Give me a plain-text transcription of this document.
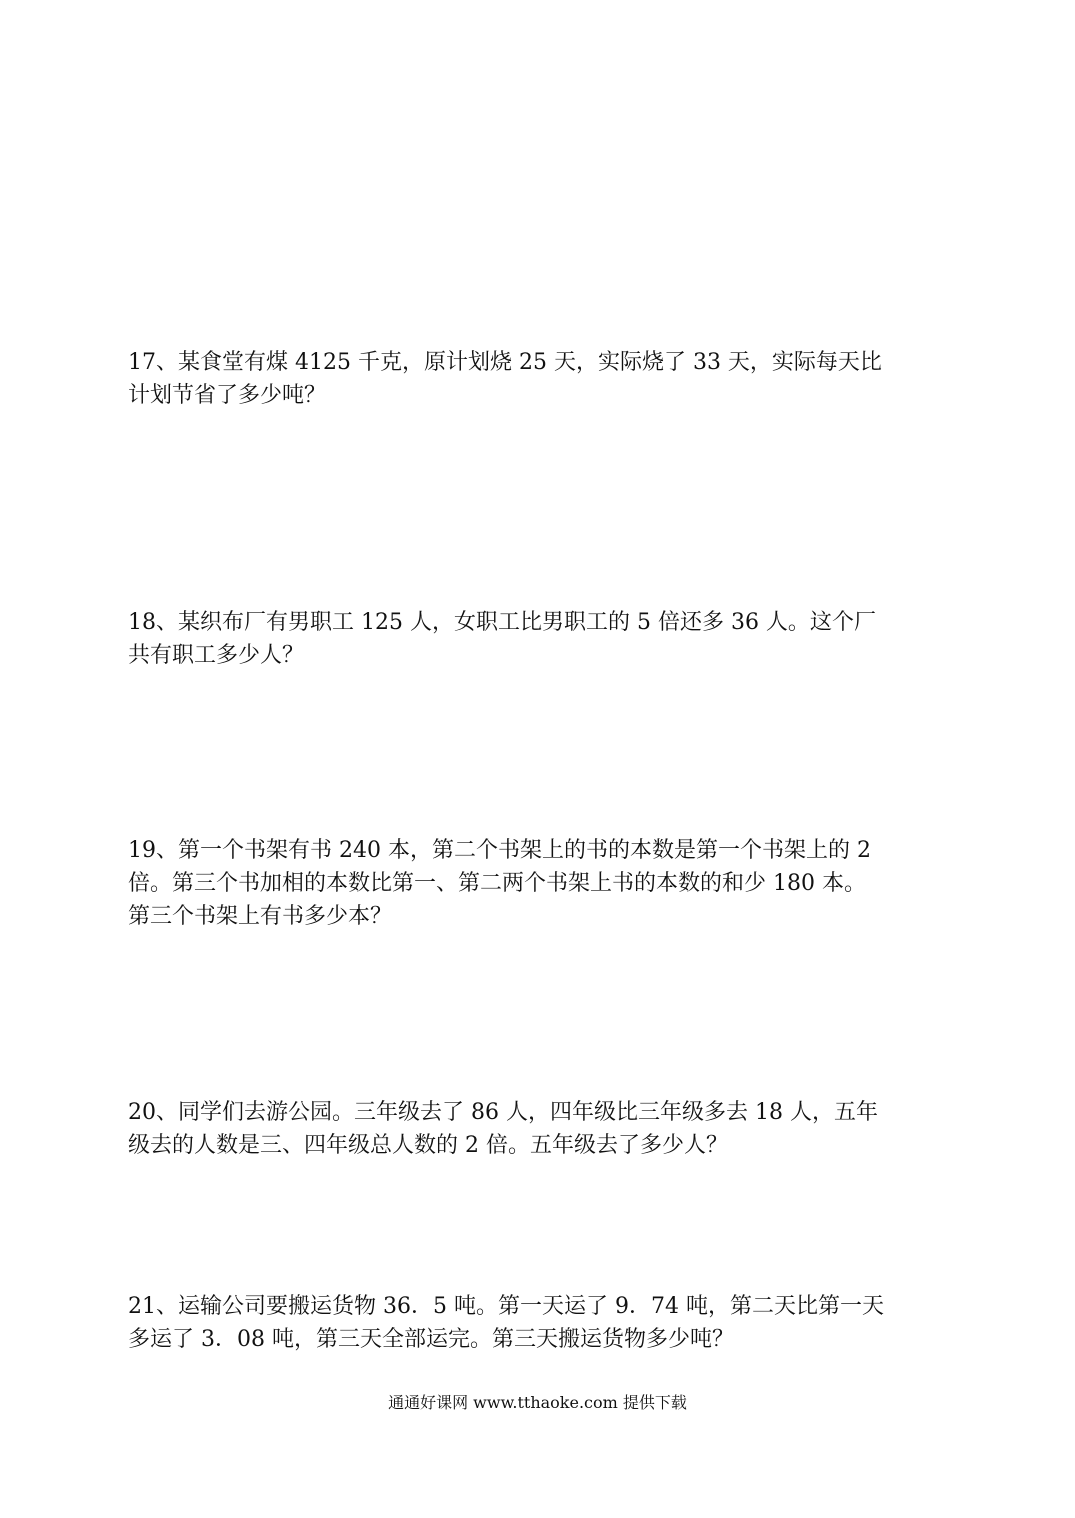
17、某食堂有煤 4125 千克，原计划烧 25 天，实际烧了 33 天，实际每天比
计划节省了多少吨？

18、某织布厂有男职工 125 人，女职工比男职工的 5 倍还多 36 人。这个厂
共有职工多少人？

19、第一个书架有书 240 本，第二个书架上的书的本数是第一个书架上的 2
倍。第三个书加相的本数比第一、第二两个书架上书的本数的和少 180 本。
第三个书架上有书多少本？

20、同学们去游公园。三年级去了 86 人，四年级比三年级多去 18 人，五年
级去的人数是三、四年级总人数的 2 倍。五年级去了多少人？

21、运输公司要搬运货物 36．5 吨。第一天运了 9．74 吨，第二天比第一天
多运了 3．08 吨，第三天全部运完。第三天搬运货物多少吨？

通通好课网 www.tthaoke.com 提供下载
